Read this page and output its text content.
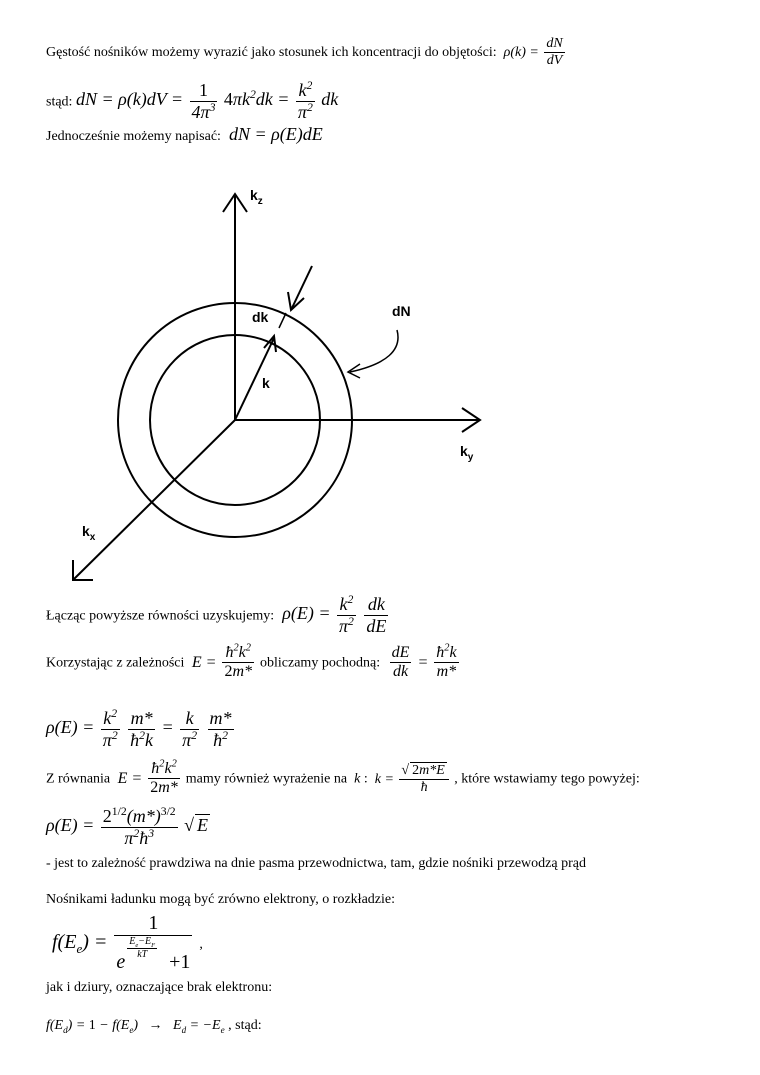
Gęstość nośników możemy wyrazić jako stosunek ich koncentracji do objętości:  $\rho(k) = \frac{dN}{dV}$
stąd: dN = $\rho(k)dV = \frac{1}{4\pi^3} 4\pi k^2dk = \frac{k^2}{\pi^2}$ dk
Jednocześnie możemy napisać:  dN = ρ(E)dE
$k_z$
$k_y$
$k_x$
dk	dN
k
Łącząc powyższe równości uzyskujemy:  $\rho(E) = \frac{k^2}{\pi^2}$
$\frac{dk}{dE}$
Korzystając z zależności  $E = \frac{ħ^2k^2}{2m*}$ obliczamy pochodną: $\frac{dE}{dk} = \frac{ħ^2k}{m*}$
$\rho(E) = \frac{k^2}{\pi^2}$
$\frac{m*}{ħ^2k} = \frac{k}{\pi^2}$
$\frac{m*}{ħ^2}$
Z równania  $E = \frac{ħ^2k^2}{2m*}$ mamy również wyrażenie na  k :  $k = \frac{√ 2m*E}{ħ}$ , które wstawiamy tego powyżej:
$\rho(E) = \frac{2^{1/2}(m*)^{3/2}}{\pi^2ħ^3}$ √ E
- jest to zależność prawdziwa na dnie pasma przewodnictwa, tam, gdzie nośniki przewodzą prąd
Nośnikami ładunku mogą być zrówno elektrony, o rozkładzie:
$f(E_e) = 1$
e
$^{\frac{E_e-E_F}{kT}}$
+1 ,
jak i dziury, oznaczające brak elektronu:
$f(E_d) = 1 - f(E_e) \to E_d = -E_e$ , stąd:
